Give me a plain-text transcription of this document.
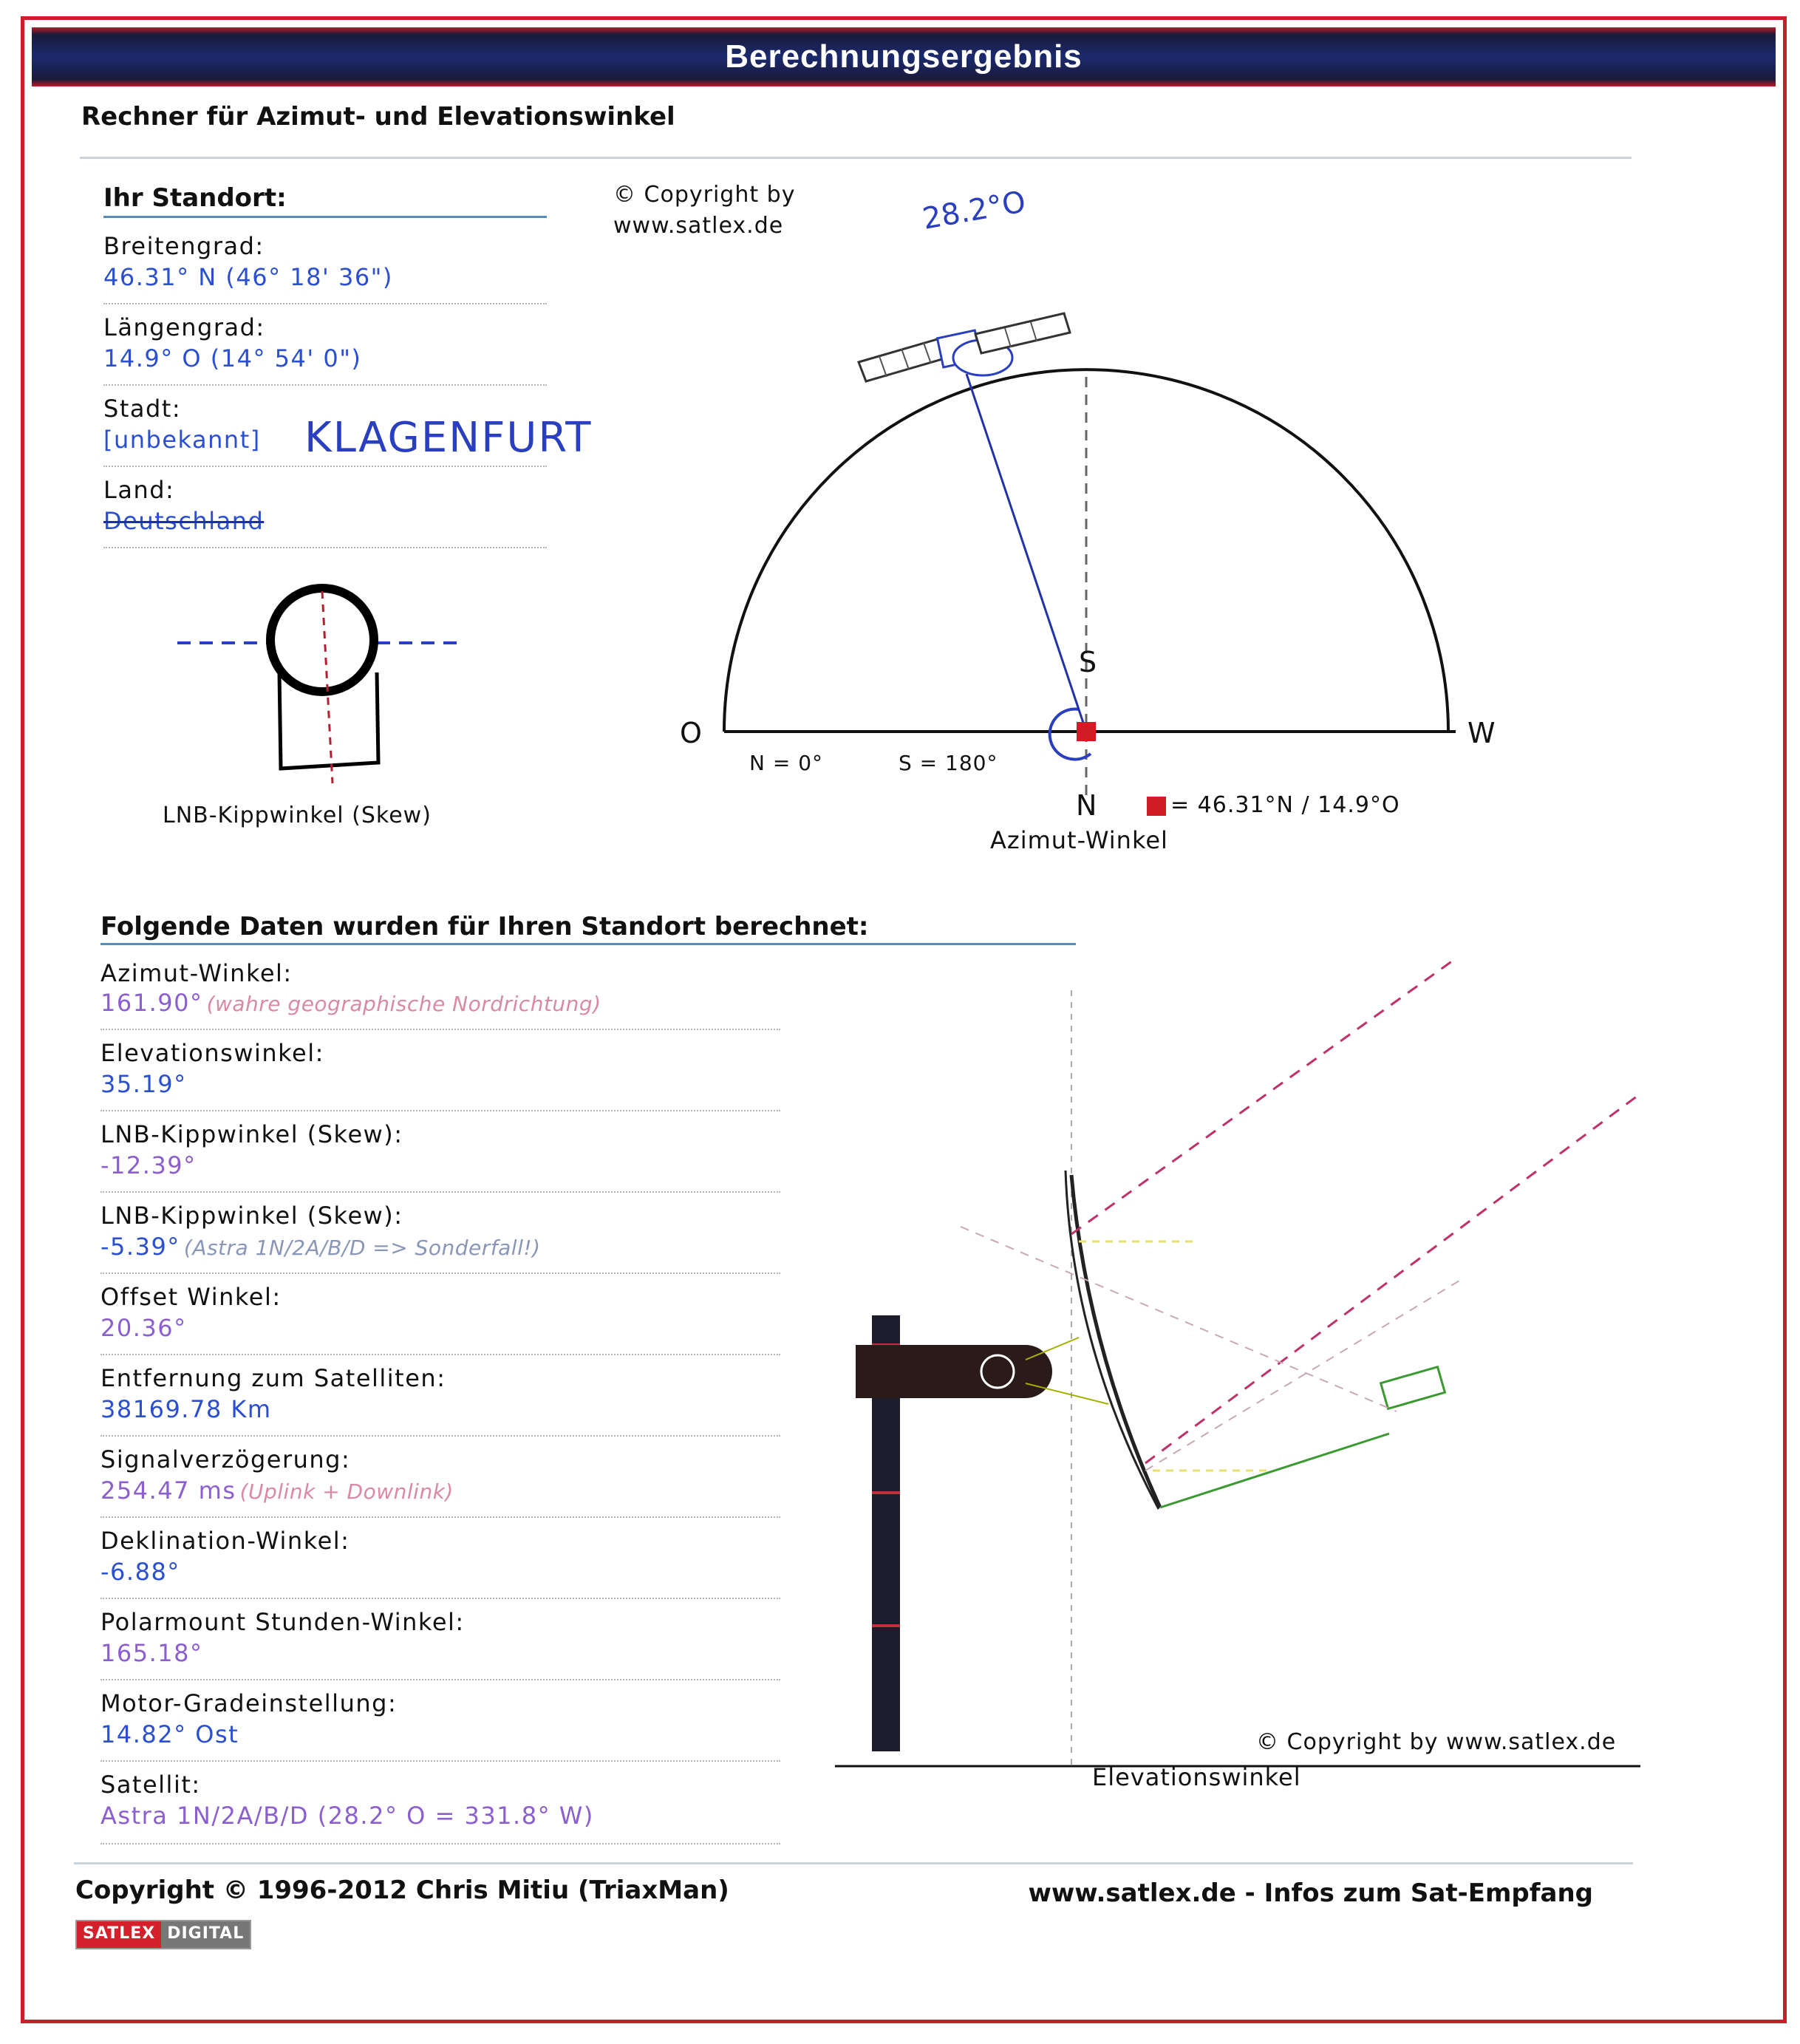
Berechnungsergebnis
Rechner für Azimut- und Elevationswinkel
Ihr Standort:
Breitengrad:
46.31° N (46° 18' 36")
Längengrad:
14.9° O (14° 54' 0")
Stadt:
[unbekannt] KLAGENFURT
Land:
Deutschland
LNB-Kippwinkel (Skew)
© Copyright by
www.satlex.de	28.2°O
O	W
S
N
N = 0°	S = 180°
= 46.31°N / 14.9°O
Azimut-Winkel
Folgende Daten wurden für Ihren Standort berechnet:
Azimut-Winkel:
161.90° (wahre geographische Nordrichtung)
Elevationswinkel:
35.19°
LNB-Kippwinkel (Skew):
-12.39°
LNB-Kippwinkel (Skew):
-5.39° (Astra 1N/2A/B/D => Sonderfall!)
Offset Winkel:
20.36°
Entfernung zum Satelliten:
38169.78 Km
Signalverzögerung:
254.47 ms (Uplink + Downlink)
Deklination-Winkel:
-6.88°
Polarmount Stunden-Winkel:
165.18°
Motor-Gradeinstellung:
14.82° Ost
Satellit:
Astra 1N/2A/B/D (28.2° O = 331.8° W)
© Copyright by www.satlex.de
Elevationswinkel
Copyright © 1996-2012 Chris Mitiu (TriaxMan)	www.satlex.de - Infos zum Sat-Empfang
SATLEX DIGITAL
